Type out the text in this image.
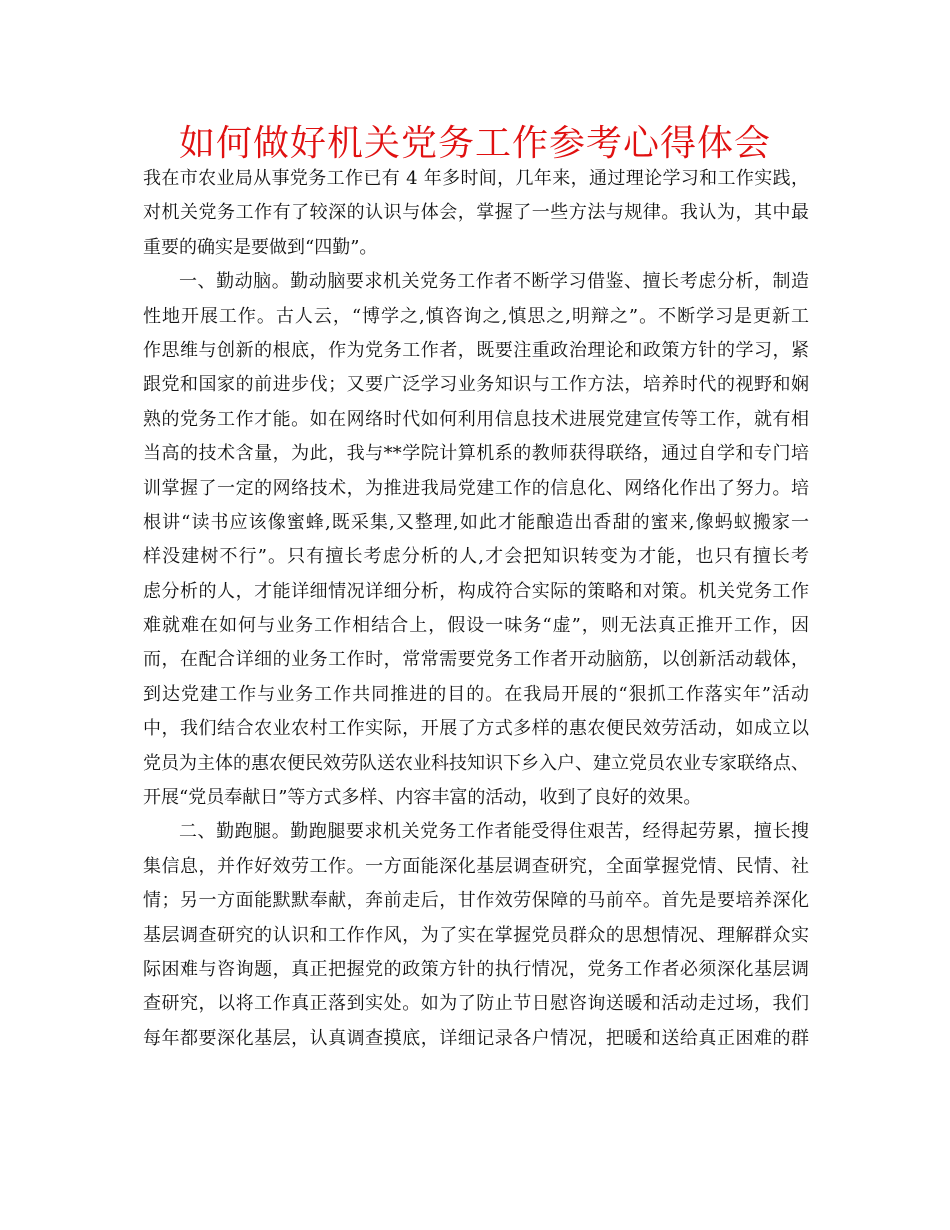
如何做好机关党务工作参考心得体会
我在市农业局从事党务工作已有 4 年多时间，几年来，通过理论学习和工作实践，
对机关党务工作有了较深的认识与体会，掌握了一些方法与规律。我认为，其中最
重要的确实是要做到“四勤”。
一、勤动脑。勤动脑要求机关党务工作者不断学习借鉴、擅长考虑分析，制造
性地开展工作。古人云，“博学之,慎咨询之,慎思之,明辩之”。不断学习是更新工
作思维与创新的根底，作为党务工作者，既要注重政治理论和政策方针的学习，紧
跟党和国家的前进步伐；又要广泛学习业务知识与工作方法，培养时代的视野和娴
熟的党务工作才能。如在网络时代如何利用信息技术进展党建宣传等工作，就有相
当高的技术含量，为此，我与**学院计算机系的教师获得联络，通过自学和专门培
训掌握了一定的网络技术，为推进我局党建工作的信息化、网络化作出了努力。培
根讲“读书应该像蜜蜂,既采集,又整理,如此才能酿造出香甜的蜜来,像蚂蚁搬家一
样没建树不行”。只有擅长考虑分析的人,才会把知识转变为才能，也只有擅长考
虑分析的人，才能详细情况详细分析，构成符合实际的策略和对策。机关党务工作
难就难在如何与业务工作相结合上，假设一味务“虚”，则无法真正推开工作，因
而，在配合详细的业务工作时，常常需要党务工作者开动脑筋，以创新活动载体，
到达党建工作与业务工作共同推进的目的。在我局开展的“狠抓工作落实年”活动
中，我们结合农业农村工作实际，开展了方式多样的惠农便民效劳活动，如成立以
党员为主体的惠农便民效劳队送农业科技知识下乡入户、建立党员农业专家联络点、
开展“党员奉献日”等方式多样、内容丰富的活动，收到了良好的效果。
二、勤跑腿。勤跑腿要求机关党务工作者能受得住艰苦，经得起劳累，擅长搜
集信息，并作好效劳工作。一方面能深化基层调查研究，全面掌握党情、民情、社
情；另一方面能默默奉献，奔前走后，甘作效劳保障的马前卒。首先是要培养深化
基层调查研究的认识和工作作风，为了实在掌握党员群众的思想情况、理解群众实
际困难与咨询题，真正把握党的政策方针的执行情况，党务工作者必须深化基层调
查研究，以将工作真正落到实处。如为了防止节日慰咨询送暖和活动走过场，我们
每年都要深化基层，认真调查摸底，详细记录各户情况，把暖和送给真正困难的群
